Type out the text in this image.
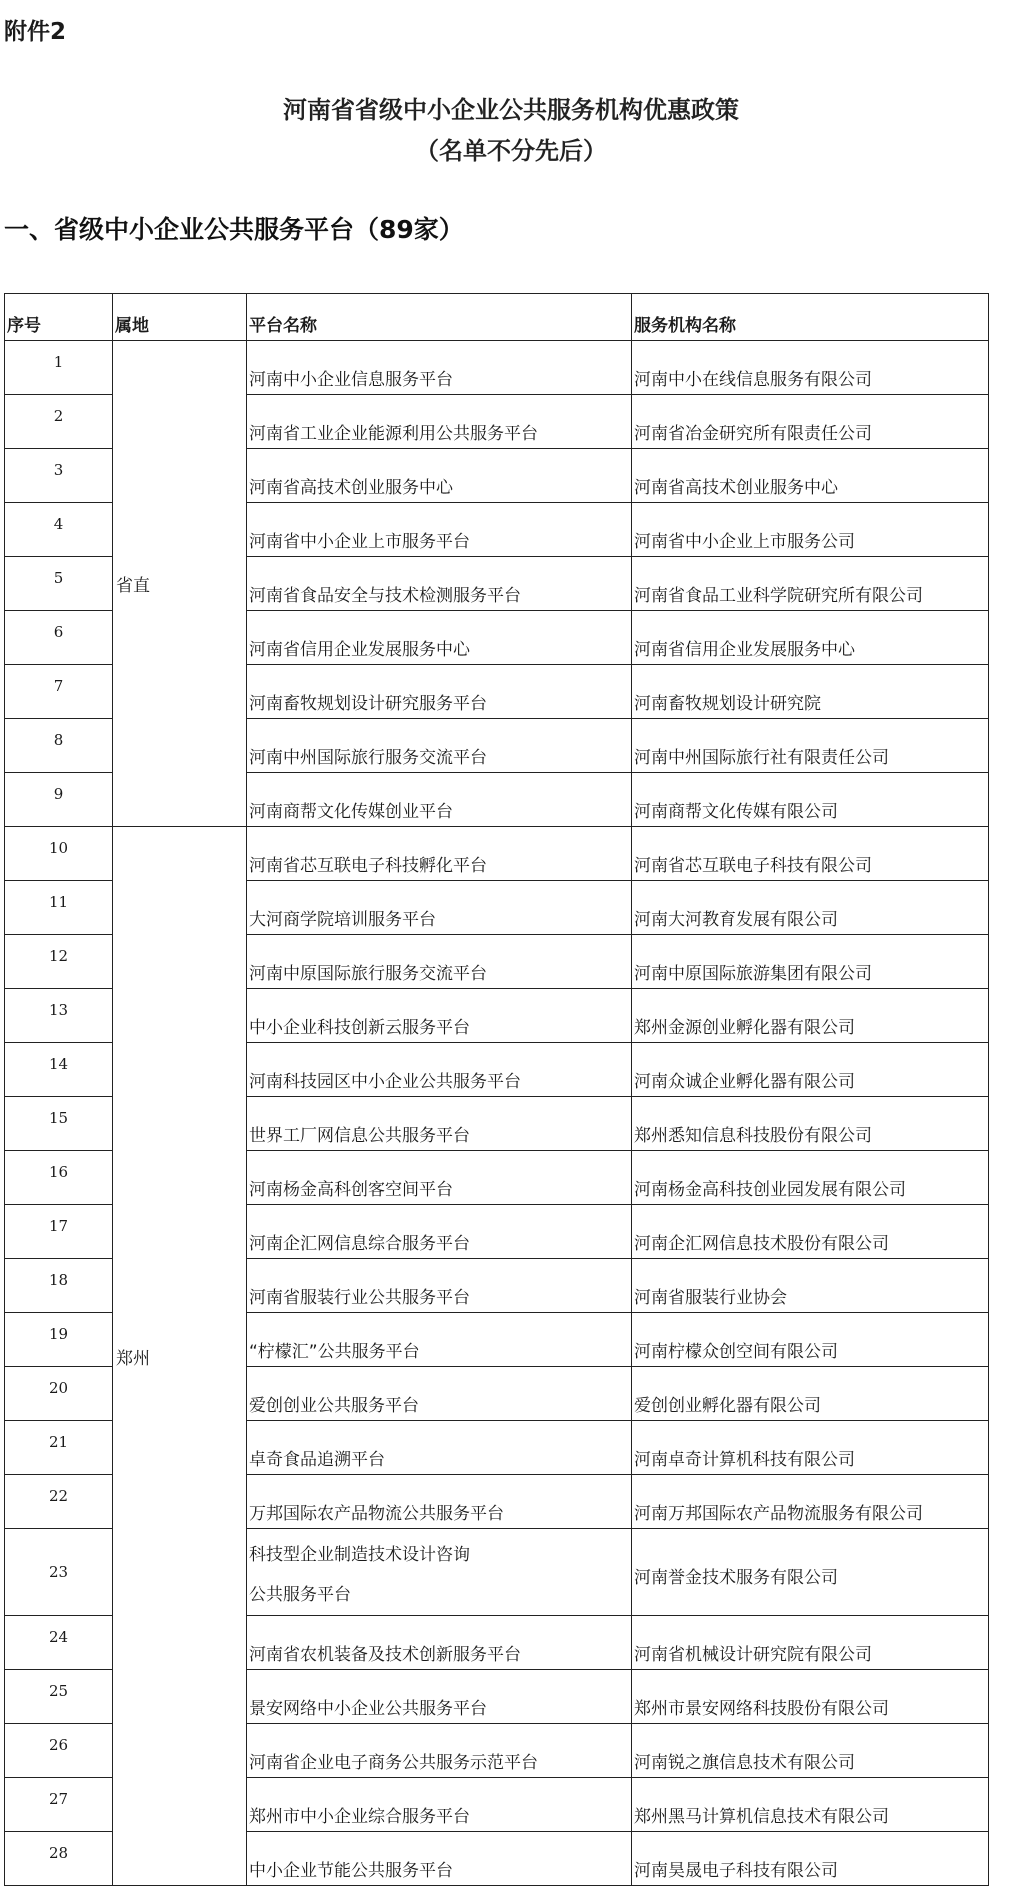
附件2
河南省省级中小企业公共服务机构优惠政策
（名单不分先后）
一、省级中小企业公共服务平台（89家）
序号	属地	平台名称	服务机构名称
1	省直	河南中小企业信息服务平台	河南中小在线信息服务有限公司
2		河南省工业企业能源利用公共服务平台	河南省冶金研究所有限责任公司
3		河南省高技术创业服务中心	河南省高技术创业服务中心
4		河南省中小企业上市服务平台	河南省中小企业上市服务公司
5		河南省食品安全与技术检测服务平台	河南省食品工业科学院研究所有限公司
6		河南省信用企业发展服务中心	河南省信用企业发展服务中心
7		河南畜牧规划设计研究服务平台	河南畜牧规划设计研究院
8		河南中州国际旅行服务交流平台	河南中州国际旅行社有限责任公司
9		河南商帮文化传媒创业平台	河南商帮文化传媒有限公司
10	郑州	河南省芯互联电子科技孵化平台	河南省芯互联电子科技有限公司
11		大河商学院培训服务平台	河南大河教育发展有限公司
12		河南中原国际旅行服务交流平台	河南中原国际旅游集团有限公司
13		中小企业科技创新云服务平台	郑州金源创业孵化器有限公司
14		河南科技园区中小企业公共服务平台	河南众诚企业孵化器有限公司
15		世界工厂网信息公共服务平台	郑州悉知信息科技股份有限公司
16		河南杨金高科创客空间平台	河南杨金高科技创业园发展有限公司
17		河南企汇网信息综合服务平台	河南企汇网信息技术股份有限公司
18		河南省服装行业公共服务平台	河南省服装行业协会
19		“柠檬汇”公共服务平台	河南柠檬众创空间有限公司
20		爱创创业公共服务平台	爱创创业孵化器有限公司
21		卓奇食品追溯平台	河南卓奇计算机科技有限公司
22		万邦国际农产品物流公共服务平台	河南万邦国际农产品物流服务有限公司
23		科技型企业制造技术设计咨询
公共服务平台	河南誉金技术服务有限公司
24		河南省农机装备及技术创新服务平台	河南省机械设计研究院有限公司
25		景安网络中小企业公共服务平台	郑州市景安网络科技股份有限公司
26		河南省企业电子商务公共服务示范平台	河南锐之旗信息技术有限公司
27		郑州市中小企业综合服务平台	郑州黑马计算机信息技术有限公司
28		中小企业节能公共服务平台	河南昊晟电子科技有限公司
